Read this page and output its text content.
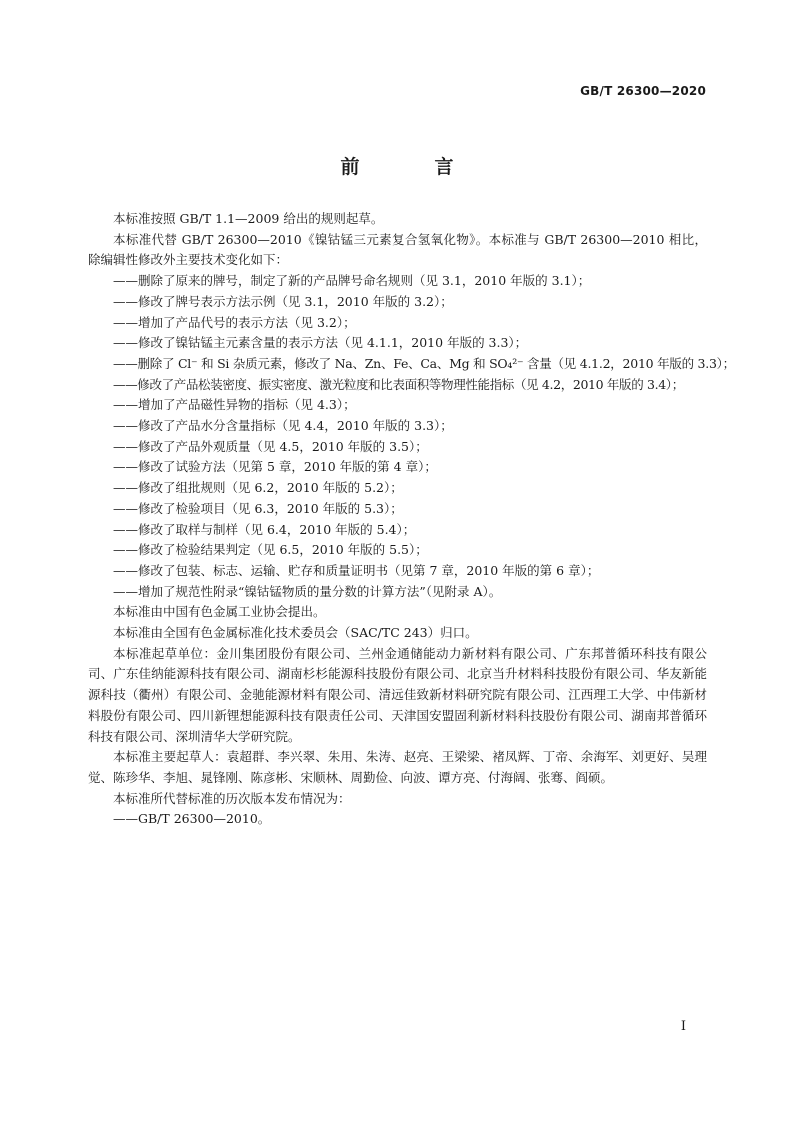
GB/T 26300—2020
前　言

本标准按照 GB/T 1.1—2009 给出的规则起草。

本标准代替 GB/T 26300—2010《镍钴锰三元素复合氢氧化物》。本标准与 GB/T 26300—2010 相比，除编辑性修改外主要技术变化如下：

——删除了原来的牌号，制定了新的产品牌号命名规则（见 3.1，2010 年版的 3.1）；

——修改了牌号表示方法示例（见 3.1，2010 年版的 3.2）；

——增加了产品代号的表示方法（见 3.2）；

——修改了镍钴锰主元素含量的表示方法（见 4.1.1，2010 年版的 3.3）；

——删除了 Cl⁻ 和 Si 杂质元素，修改了 Na、Zn、Fe、Ca、Mg 和 SO₄²⁻ 含量（见 4.1.2，2010 年版的 3.3）；

——修改了产品松装密度、振实密度、激光粒度和比表面积等物理性能指标（见 4.2，2010 年版的 3.4）；

——增加了产品磁性异物的指标（见 4.3）；

——修改了产品水分含量指标（见 4.4，2010 年版的 3.3）；

——修改了产品外观质量（见 4.5，2010 年版的 3.5）；

——修改了试验方法（见第 5 章，2010 年版的第 4 章）；

——修改了组批规则（见 6.2，2010 年版的 5.2）；

——修改了检验项目（见 6.3，2010 年版的 5.3）；

——修改了取样与制样（见 6.4，2010 年版的 5.4）；

——修改了检验结果判定（见 6.5，2010 年版的 5.5）；

——修改了包装、标志、运输、贮存和质量证明书（见第 7 章，2010 年版的第 6 章）；

——增加了规范性附录“镍钴锰物质的量分数的计算方法”（见附录 A）。

本标准由中国有色金属工业协会提出。

本标准由全国有色金属标准化技术委员会（SAC/TC 243）归口。

本标准起草单位：金川集团股份有限公司、兰州金通储能动力新材料有限公司、广东邦普循环科技有限公司、广东佳纳能源科技有限公司、湖南杉杉能源科技股份有限公司、北京当升材料科技股份有限公司、华友新能源科技（衢州）有限公司、金驰能源材料有限公司、清远佳致新材料研究院有限公司、江西理工大学、中伟新材料股份有限公司、四川新锂想能源科技有限责任公司、天津国安盟固利新材料科技股份有限公司、湖南邦普循环科技有限公司、深圳清华大学研究院。

本标准主要起草人：袁超群、李兴翠、朱用、朱涛、赵亮、王梁梁、褚凤辉、丁帝、余海军、刘更好、吴理觉、陈珍华、李旭、晁锋刚、陈彦彬、宋顺林、周勤俭、向波、谭方亮、付海阔、张骞、阎硕。

本标准所代替标准的历次版本发布情况为：

——GB/T 26300—2010。

I
